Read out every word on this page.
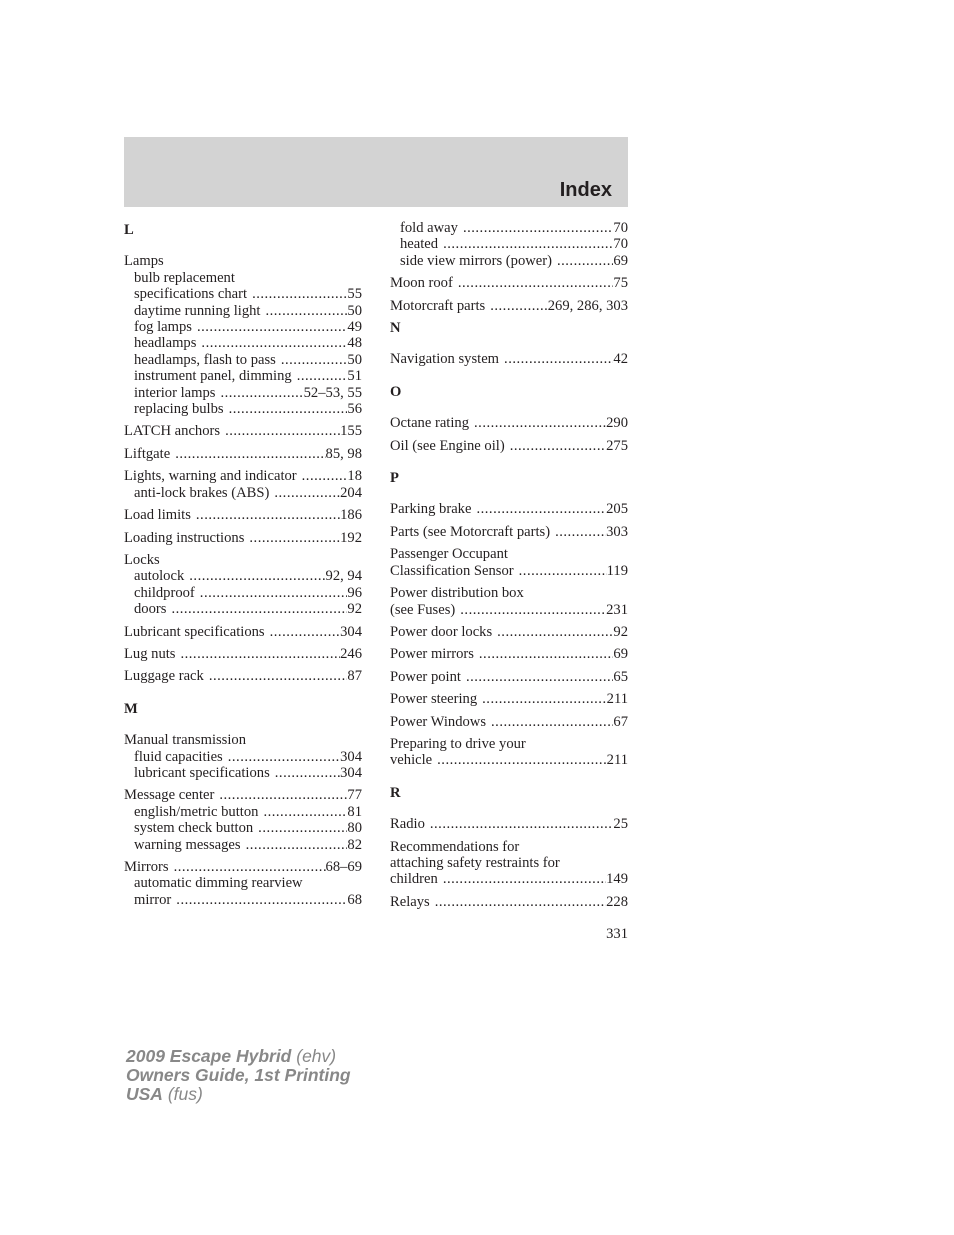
Index
L
Lamps
bulb replacement
specifications chart .....	55
daytime running light .....	50
fog lamps .....	49
headlamps .....	48
headlamps, flash to pass .....	50
instrument panel, dimming .....	51
interior lamps .....	52–53, 55
replacing bulbs .....	56
LATCH anchors .....	155
Liftgate .....	85, 98
Lights, warning and indicator .....	18
anti-lock brakes (ABS) .....	204
Load limits .....	186
Loading instructions .....	192
Locks
autolock .....	92, 94
childproof .....	96
doors .....	92
Lubricant specifications .....	304
Lug nuts .....	246
Luggage rack .....	87
M
Manual transmission
fluid capacities .....	304
lubricant specifications .....	304
Message center .....	77
english/metric button .....	81
system check button .....	80
warning messages .....	82
Mirrors .....	68–69
automatic dimming rearview
mirror .....	68
fold away .....	70
heated .....	70
side view mirrors (power) .....	69
Moon roof .....	75
Motorcraft parts .....	269, 286, 303
N
Navigation system .....	42
O
Octane rating .....	290
Oil (see Engine oil) .....	275
P
Parking brake .....	205
Parts (see Motorcraft parts) .....	303
Passenger Occupant
Classification Sensor .....	119
Power distribution box
(see Fuses) .....	231
Power door locks .....	92
Power mirrors .....	69
Power point .....	65
Power steering .....	211
Power Windows .....	67
Preparing to drive your
vehicle .....	211
R
Radio .....	25
Recommendations for
attaching safety restraints for
children .....	149
Relays .....	228
331
2009 Escape Hybrid (ehv)
Owners Guide, 1st Printing
USA (fus)
